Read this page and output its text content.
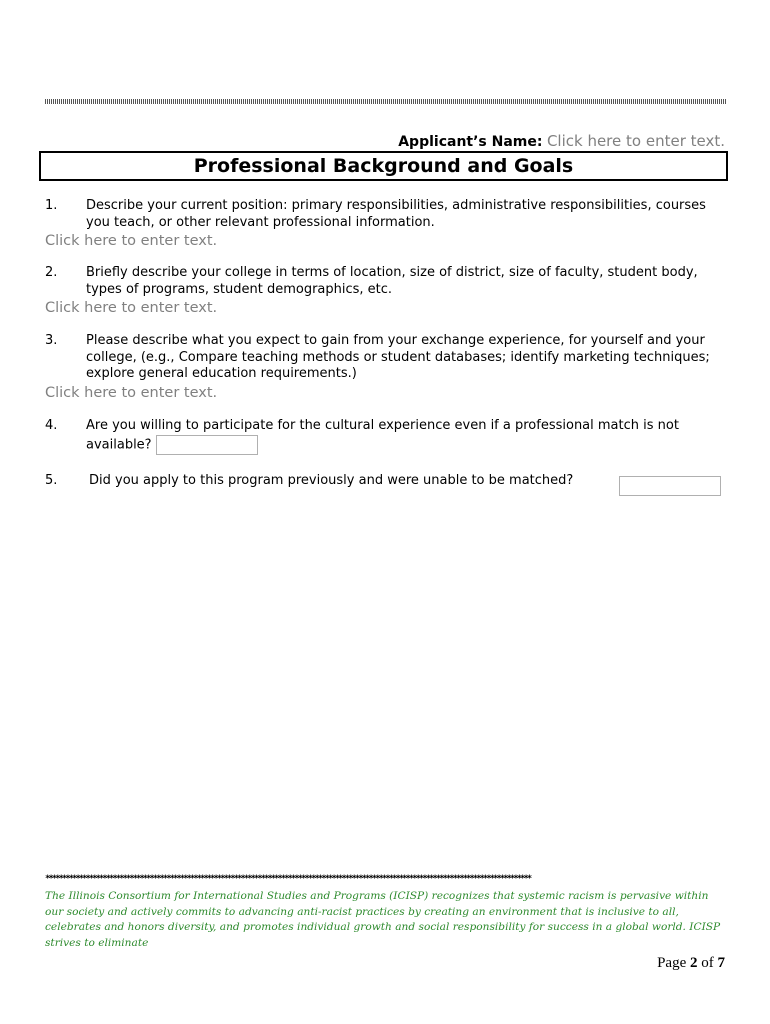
Applicant’s Name: Click here to enter text.
Professional Background and Goals
1. Describe your current position: primary responsibilities, administrative responsibilities, courses you teach, or other relevant professional information.
Click here to enter text.
2. Briefly describe your college in terms of location, size of district, size of faculty, student body, types of programs, student demographics, etc.
Click here to enter text.
3. Please describe what you expect to gain from your exchange experience, for yourself and your college, (e.g., Compare teaching methods or student databases; identify marketing techniques; explore general education requirements.)
Click here to enter text.
4. Are you willing to participate for the cultural experience even if a professional match is not available?
5. Did you apply to this program previously and were unable to be matched?
************************************************************************************************************************************************
The Illinois Consortium for International Studies and Programs (ICISP) recognizes that systemic racism is pervasive within our society and actively commits to advancing anti-racist practices by creating an environment that is inclusive to all, celebrates and honors diversity, and promotes individual growth and social responsibility for success in a global world. ICISP strives to eliminate
Page 2 of 7
